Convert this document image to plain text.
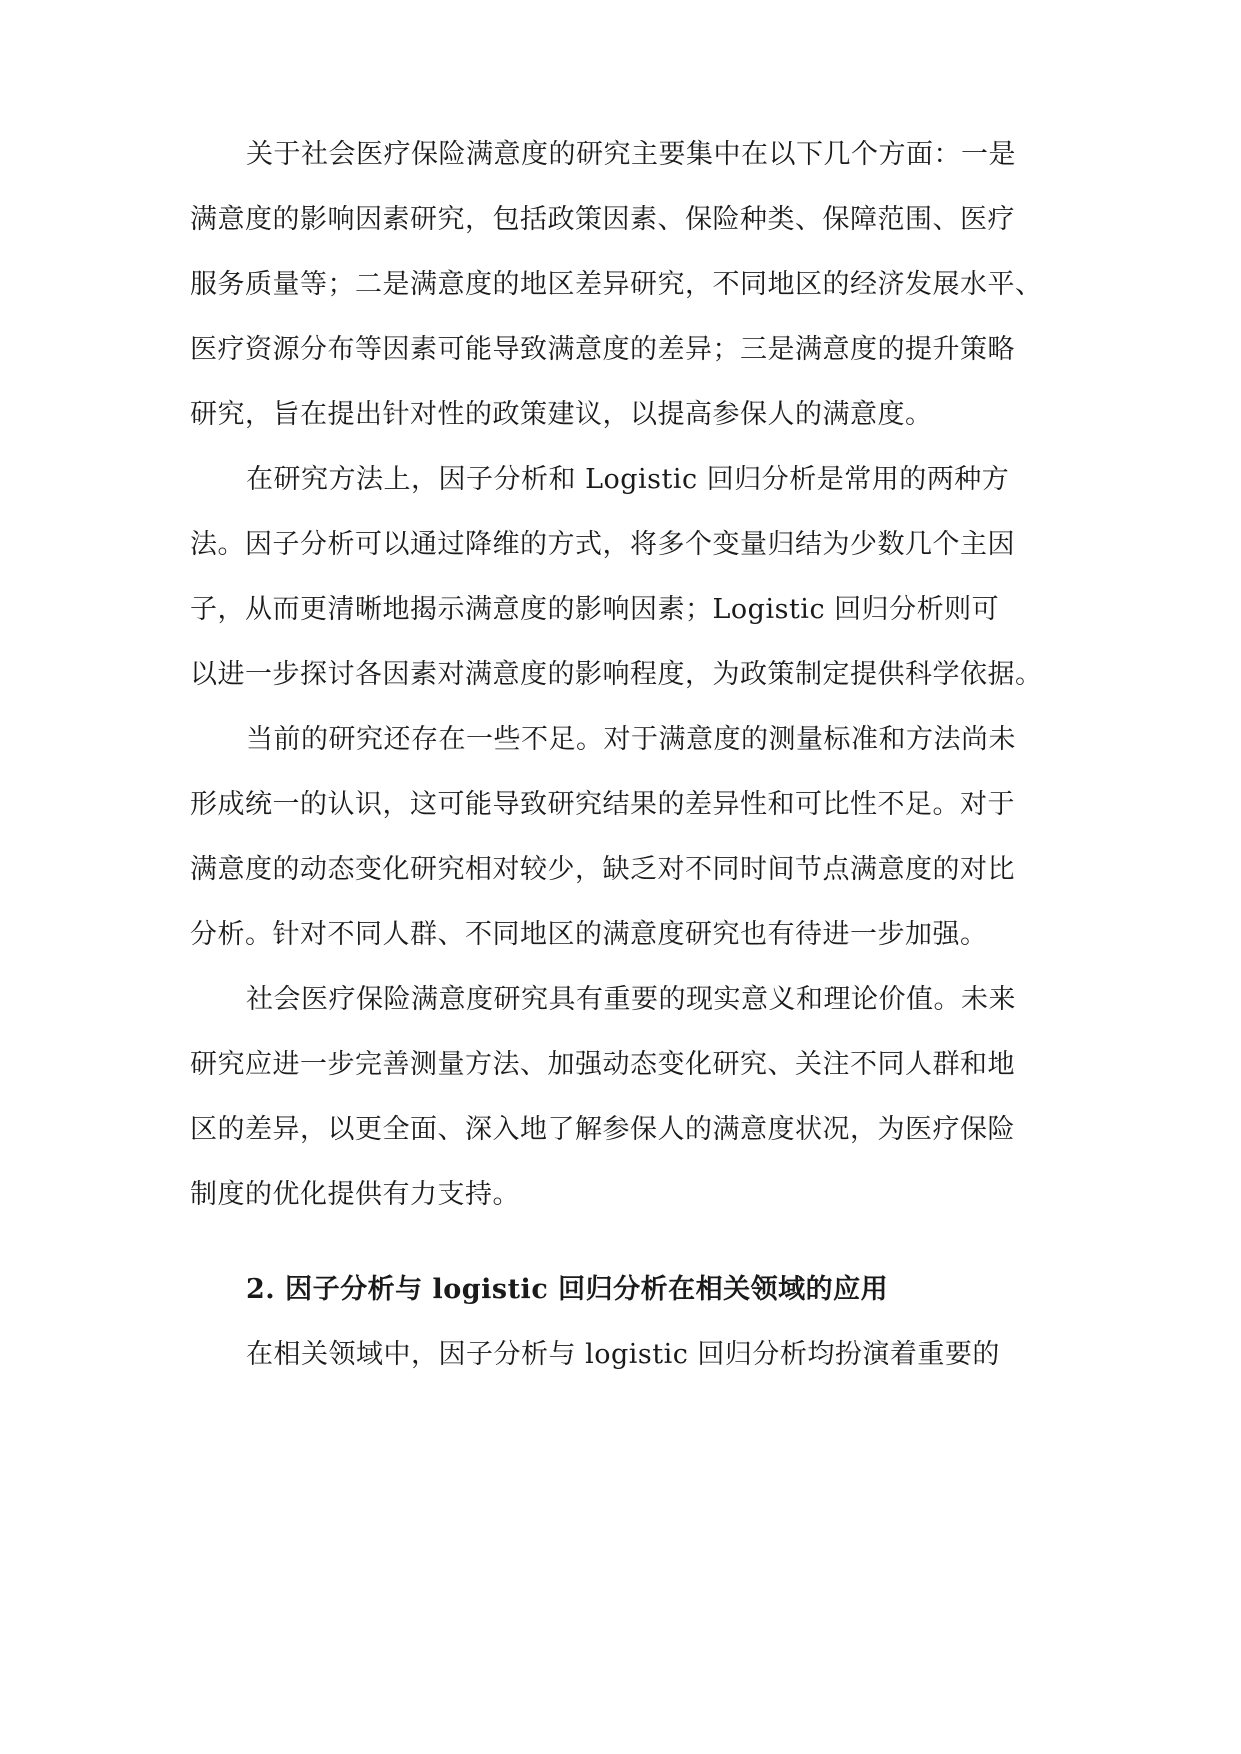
关于社会医疗保险满意度的研究主要集中在以下几个方面：一是
满意度的影响因素研究，包括政策因素、保险种类、保障范围、医疗
服务质量等；二是满意度的地区差异研究，不同地区的经济发展水平、
医疗资源分布等因素可能导致满意度的差异；三是满意度的提升策略
研究，旨在提出针对性的政策建议，以提高参保人的满意度。
在研究方法上，因子分析和 Logistic 回归分析是常用的两种方
法。因子分析可以通过降维的方式，将多个变量归结为少数几个主因
子，从而更清晰地揭示满意度的影响因素；Logistic 回归分析则可
以进一步探讨各因素对满意度的影响程度，为政策制定提供科学依据。
当前的研究还存在一些不足。对于满意度的测量标准和方法尚未
形成统一的认识，这可能导致研究结果的差异性和可比性不足。对于
满意度的动态变化研究相对较少，缺乏对不同时间节点满意度的对比
分析。针对不同人群、不同地区的满意度研究也有待进一步加强。
社会医疗保险满意度研究具有重要的现实意义和理论价值。未来
研究应进一步完善测量方法、加强动态变化研究、关注不同人群和地
区的差异，以更全面、深入地了解参保人的满意度状况，为医疗保险
制度的优化提供有力支持。
2. 因子分析与 logistic 回归分析在相关领域的应用
在相关领域中，因子分析与 logistic 回归分析均扮演着重要的
